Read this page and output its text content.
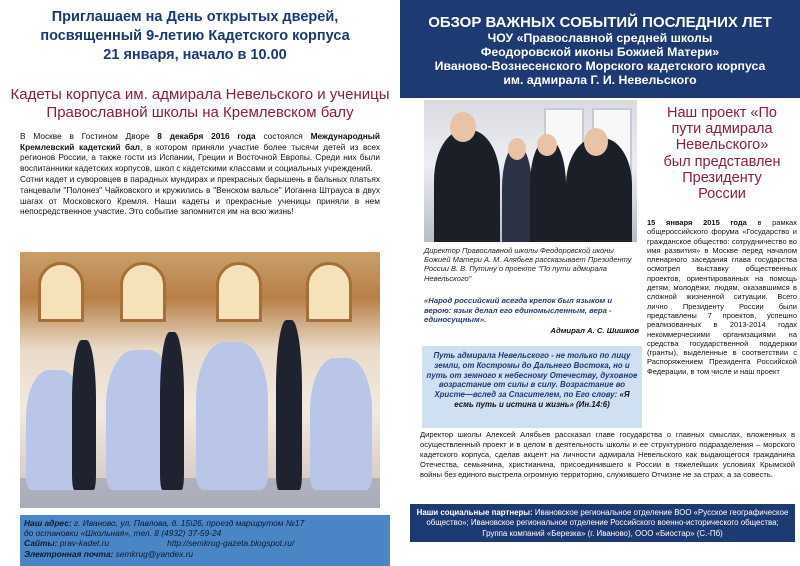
Приглашаем на День открытых дверей,
посвященный 9-летию Кадетского корпуса
21 января, начало в 10.00
Кадеты корпуса им. адмирала Невельского и ученицы
Православной школы на Кремлевском балу

В Москве в Гостином Дворе 8 декабря 2016 года состоялся Международный Кремлевский кадетский бал, в котором приняли участие более тысячи детей из всех регионов России, а также гости из Испании, Греции и Восточной Европы. Среди них были воспитанники кадетских корпусов, школ с кадетскими классами и социальных учреждений.

Сотни кадет и суворовцев в парадных мундирах и прекрасных барышень в бальных платьях танцевали "Полонез" Чайковского и кружились в "Венском вальсе" Иоганна Штрауса в двух шагах от Московского Кремля. Наши кадеты и прекрасные ученицы приняли в нем непосредственное участие. Это событие запомнится им на всю жизнь!

Наш адрес: г. Иваново, ул. Павлова, д. 15\26, проезд маршрутом №17
до остановки «Школьная», тел. 8 (4932) 37-59-24
Сайты: prav-kadet.ru	http://semkrug-gazeta.blogspot.ru/
Электронная почта: semkrug@yandex.ru
ОБЗОР ВАЖНЫХ СОБЫТИЙ ПОСЛЕДНИХ ЛЕТ
ЧОУ «Православной средней школы
Феодоровской иконы Божией Матери»
Иваново-Вознесенского Морского кадетского корпуса
им. адмирала Г. И. Невельского
Наш проект «По
пути адмирала
Невельского»
был представлен
Президенту
России
15 января 2015 года в рамках общероссийского форума «Государство и гражданское общество: сотрудничество во имя развития» в Москве перед началом пленарного заседания глава государства осмотрел выставку общественных проектов, ориентированных на помощь детям, молодёжи, людям, оказавшимся в сложной жизненной ситуации. Всего лично Президенту России были представлены 7 проектов, успешно реализованных в 2013-2014 годах некоммерческими организациями на средства государственной поддержки (гранты), выделенные в соответствии с Распоряжением Президента Российской Федерации, в том числе и наш проект
Директор Православной школы Феодоровской иконы Божией Матери А. М. Алябьев рассказывает Президенту России В. В. Путину о проекте "По пути адмирала Невельского"
«Народ российский всегда крепок был языком и верою: язык делал его единомысленным, вера - единосущным».
Адмирал А. С. Шишков
Путь адмирала Невельского - не только по лицу земли, от Костромы до Дальнего Востока, но и путь от земного к небесному Отечеству, духовное возрастание от силы в силу. Возрастание во Христе—вслед за Спасителем, по Его слову: «Я есмь путь и истина и жизнь» (Ин.14:6)
Директор школы Алексей Алябьев рассказал главе государства о главных смыслах, вложенных в осуществленный проект и в целом в деятельность школы и ее структурного подразделения – морского кадетского корпуса, сделав акцент на личности адмирала Невельского как выдающегося гражданина Отечества, семьянина, христианина, присоединившего к России в тяжелейших условиях Крымской войны без единого выстрела огромную территорию, служившего Отчизне не за страх, а за совесть.
Наши социальные партнеры: Ивановское региональное отделение ВОО «Русское географическое общество»; Ивановское региональное отделение Российского военно-исторического общества; Группа компаний «Березка» (г. Иваново), ООО «Биостар» (С.-Пб)
